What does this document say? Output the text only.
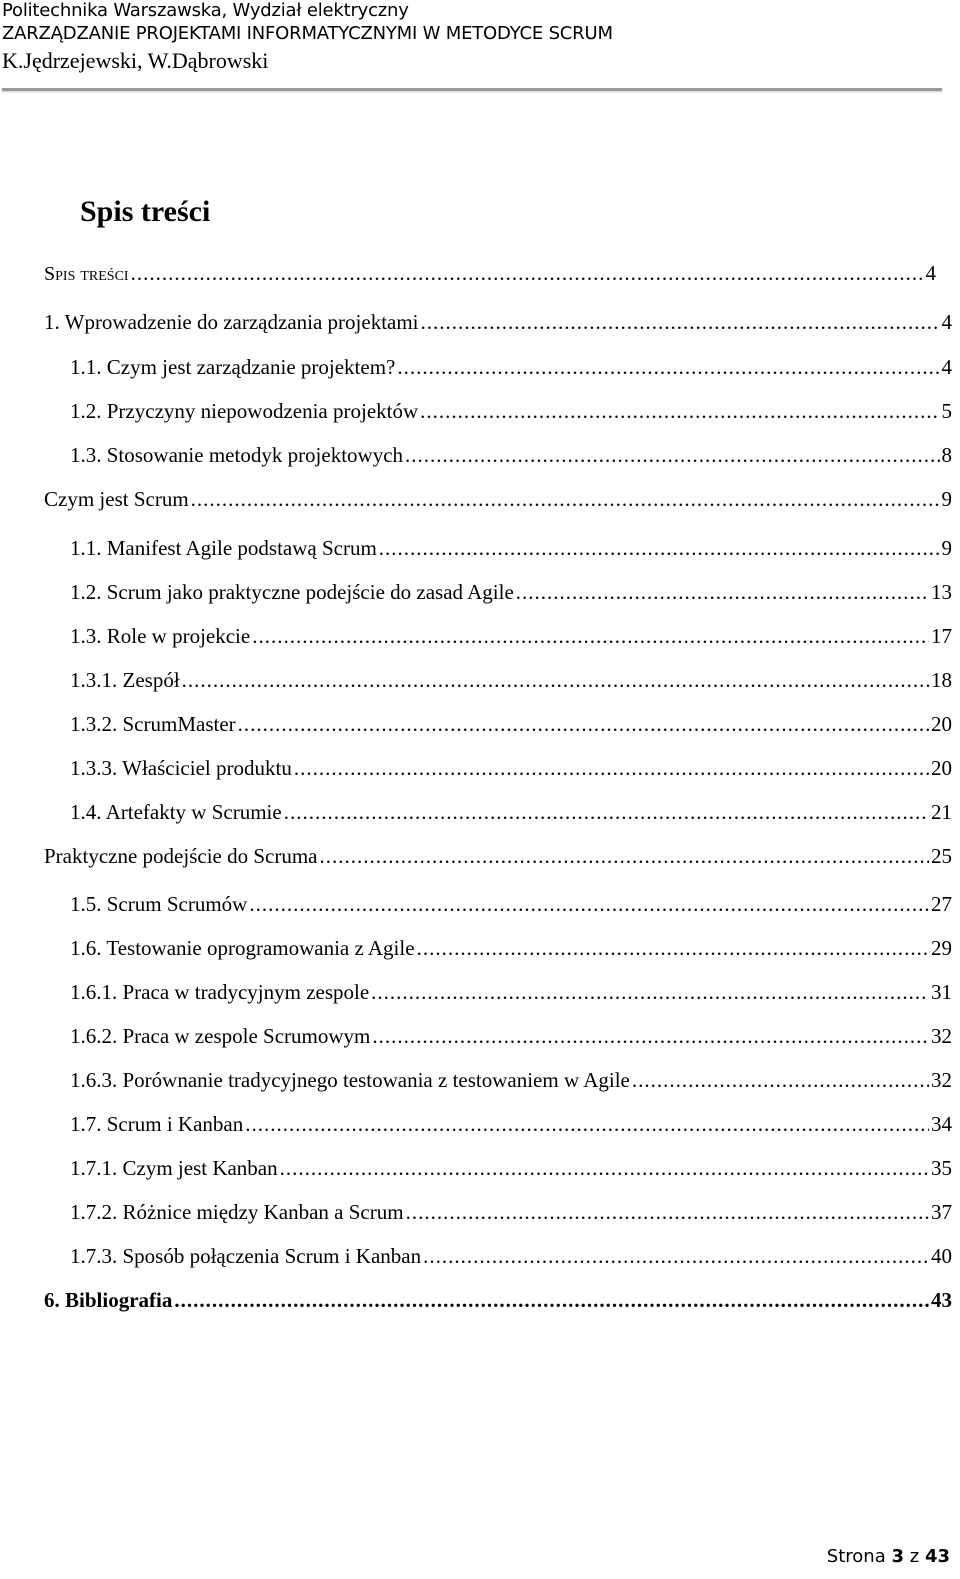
Politechnika Warszawska, Wydział elektryczny
ZARZĄDZANIE PROJEKTAMI INFORMATYCZNYMI W METODYCE SCRUM
K.Jędrzejewski, W.Dąbrowski
Spis treści
Spis treści .....	4
1. Wprowadzenie do zarządzania projektami .....	4
1.1. Czym jest zarządzanie projektem? .....	4
1.2. Przyczyny niepowodzenia projektów .....	5
1.3. Stosowanie metodyk projektowych .....	8
Czym jest Scrum .....	9
1.1. Manifest Agile podstawą Scrum .....	9
1.2. Scrum jako praktyczne podejście do zasad Agile .....	13
1.3. Role w projekcie .....	17
1.3.1. Zespół .....	18
1.3.2. ScrumMaster .....	20
1.3.3. Właściciel produktu .....	20
1.4. Artefakty w Scrumie .....	21
Praktyczne podejście do Scruma .....	25
1.5. Scrum Scrumów .....	27
1.6. Testowanie oprogramowania z Agile .....	29
1.6.1. Praca w tradycyjnym zespole .....	31
1.6.2. Praca w zespole Scrumowym .....	32
1.6.3. Porównanie tradycyjnego testowania z testowaniem w Agile .....	32
1.7. Scrum i Kanban .....	34
1.7.1. Czym jest Kanban .....	35
1.7.2. Różnice między Kanban a Scrum .....	37
1.7.3. Sposób połączenia Scrum i Kanban .....	40
6. Bibliografia .....	43
Strona 3 z 43
